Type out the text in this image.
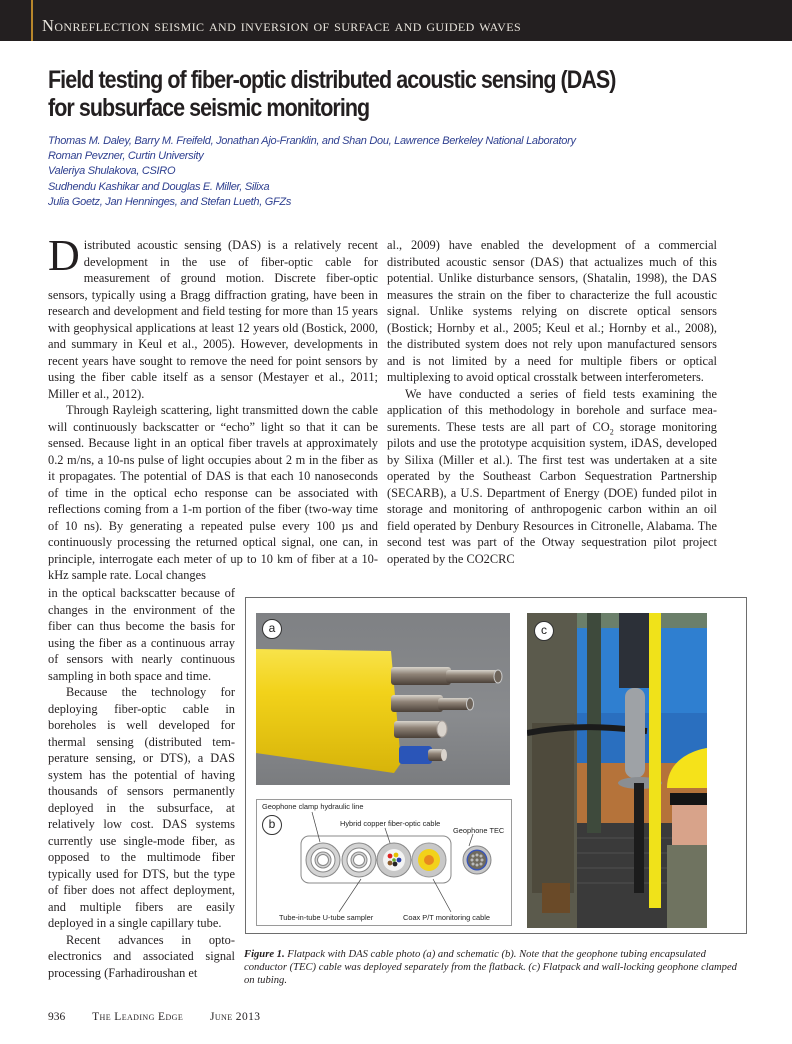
Nonreflection seismic and inversion of surface and guided waves
Field testing of fiber-optic distributed acoustic sensing (DAS)
for subsurface seismic monitoring
Thomas M. Daley, Barry M. Freifeld, Jonathan Ajo-Franklin, and Shan Dou, Lawrence Berkeley National Laboratory
Roman Pevzner, Curtin University
Valeriya Shulakova, CSIRO
Sudhendu Kashikar and Douglas E. Miller, Silixa
Julia Goetz, Jan Henninges, and Stefan Lueth, GFZs

Distributed acoustic sensing (DAS) is a relatively recent development in the use of fiber-optic cable for measurement of ground motion. Discrete fiber-optic sensors, typically using a Bragg diffraction grating, have been in research and development and field testing for more than 15 years with geophysical applications at least 12 years old (Bostick, 2000, and summary in Keul et al., 2005). However, developments in recent years have sought to remove the need for point sensors by using the fiber cable itself as a sensor (Mestayer et al., 2011; Miller et al., 2012).

Through Rayleigh scattering, light transmitted down the cable will continuously backscatter or “echo” light so that it can be sensed. Because light in an optical fiber travels at approximately 0.2 m/ns, a 10-ns pulse of light occupies about 2 m in the fiber as it propagates. The potential of DAS is that each 10 nanoseconds of time in the optical echo response can be associated with reflections coming from a 1-m portion of the fiber (two-way time of 10 ns). By generating a repeated pulse every 100 µs and continuously processing the returned optical signal, one can, in principle, interrogate each meter of up to 10 km of fiber at a 10-kHz sample rate. Local changes

in the optical backscatter because of changes in the environment of the fiber can thus become the basis for using the fiber as a continuous array of sensors with nearly continuous sampling in both space and time.

Because the technology for deploying fiber-optic cable in boreholes is well developed for thermal sensing (distributed temperature sensing, or DTS), a DAS system has the potential of having thousands of sensors permanently deployed in the subsurface, at relatively low cost. DAS systems currently use single-mode fiber, as opposed to the multimode fiber typically used for DTS, but the type of fiber does not affect deployment, and multiple fibers are easily deployed in a single capillary tube.

Recent advances in optoelectronics and associated signal processing (Farhadiroushan et

al., 2009) have enabled the development of a commercial distributed acoustic sensor (DAS) that actualizes much of this potential. Unlike disturbance sensors, (Shatalin, 1998), the DAS measures the strain on the fiber to characterize the full acoustic signal. Unlike systems relying on discrete optical sensors (Bostick; Hornby et al., 2005; Keul et al.; Hornby et al., 2008), the distributed system does not rely upon manufactured sensors and is not limited by a need for multiple fibers or optical multiplexing to avoid optical crosstalk between interferometers.

We have conducted a series of field tests examining the application of this methodology in borehole and surface measurements. These tests are all part of $CO_2$ storage monitoring pilots and use the prototype acquisition system, iDAS, developed by Silixa (Miller et al.). The first test was undertaken at a site operated by the Southeast Carbon Sequestration Partnership (SECARB), a U.S. Department of Energy (DOE) funded pilot in storage and monitoring of anthropogenic carbon within an oil field operated by Denbury Resources in Citronelle, Alabama. The second test was part of the Otway sequestration pilot project operated by the CO2CRC

a
Geophone clamp hydraulic line
Hybrid copper fiber-optic cable
Geophone TEC
Tube-in-tube U-tube sampler	Coax P/T monitoring cable
b
c
Figure 1. Flatpack with DAS cable photo (a) and schematic (b). Note that the geophone tubing encapsulated conductor (TEC) cable was deployed separately from the flatback. (c) Flatpack and wall-locking geophone clamped on tubing.
936 The Leading Edge June 2013
